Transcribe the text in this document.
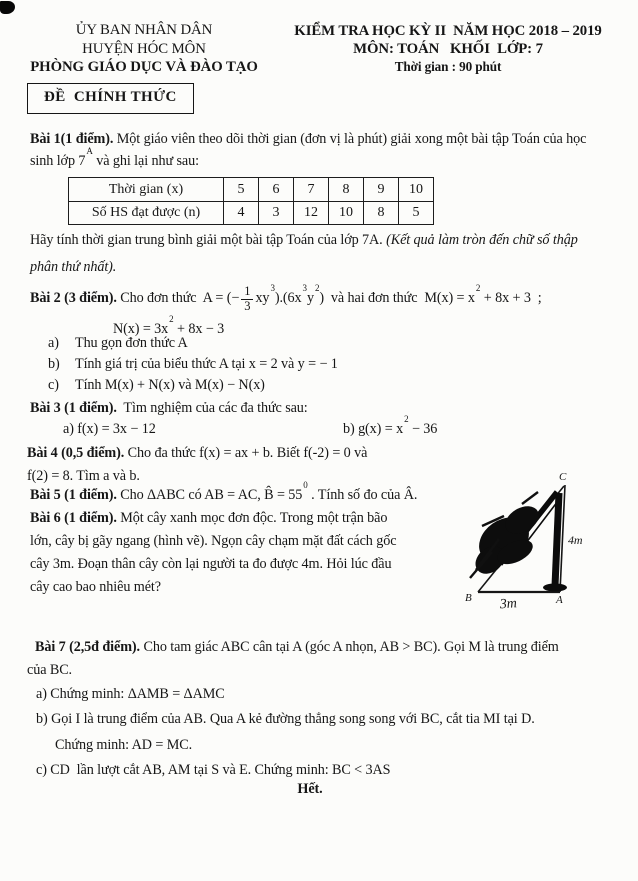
ỦY BAN NHÂN DÂN
HUYỆN HÓC MÔN
PHÒNG GIÁO DỤC VÀ ĐÀO TẠO
KIỂM TRA HỌC KỲ II  NĂM HỌC 2018 – 2019
MÔN: TOÁN   KHỐI  LỚP: 7
Thời gian : 90 phút
ĐỀ  CHÍNH THỨC
Bài 1(1 điểm). Một giáo viên theo dõi thời gian (đơn vị là phút) giải xong một bài tập Toán của học
sinh lớp $7^A$ và ghi lại như sau:
Thời gian (x)	5	6	7	8	9	10
Số HS đạt được (n)	4	3	12	10	8	5
Hãy tính thời gian trung bình giải một bài tập Toán của lớp 7A. (Kết quả làm tròn đến chữ số thập
phân thứ nhất).
Bài 2 (3 điểm). Cho đơn thức  A = (− $\frac{1}{3} xy^3).(6x^3y^2)$  và hai đơn thức  $M(x) = x^2 + 8x + 3$  ;
$N(x) = 3x^2 + 8x - 3$
a) Thu gọn đơn thức A
b) Tính giá trị của biểu thức A tại x = 2 và y = − 1
c) Tính M(x) + N(x) và M(x) − N(x)
Bài 3 (1 điểm).  Tìm nghiệm của các đa thức sau:
a) f(x) = 3x − 12	b) $g(x) = x^2 - 36$
Bài 4 (0,5 điểm). Cho đa thức f(x) = ax + b. Biết f(-2) = 0 và
f(2) = 8. Tìm a và b.
Bài 5 (1 điểm). Cho ΔABC có AB = AC, B̂ = $55^0$ . Tính số đo của Â.
Bài 6 (1 điểm). Một cây xanh mọc đơn độc. Trong một trận bão
lớn, cây bị gãy ngang (hình vẽ). Ngọn cây chạm mặt đất cách gốc
cây 3m. Đoạn thân cây còn lại người ta đo được 4m. Hỏi lúc đầu
cây cao bao nhiêu mét?
C
B	A
4m
3m
Bài 7 (2,5đ điểm). Cho tam giác ABC cân tại A (góc A nhọn, AB > BC). Gọi M là trung điểm
của BC.
a) Chứng minh: ΔAMB = ΔAMC
b) Gọi I là trung điểm của AB. Qua A kẻ đường thẳng song song với BC, cắt tia MI tại D.
Chứng minh: AD = MC.
c) CD  lần lượt cắt AB, AM tại S và E. Chứng minh: BC < 3AS
Hết.
